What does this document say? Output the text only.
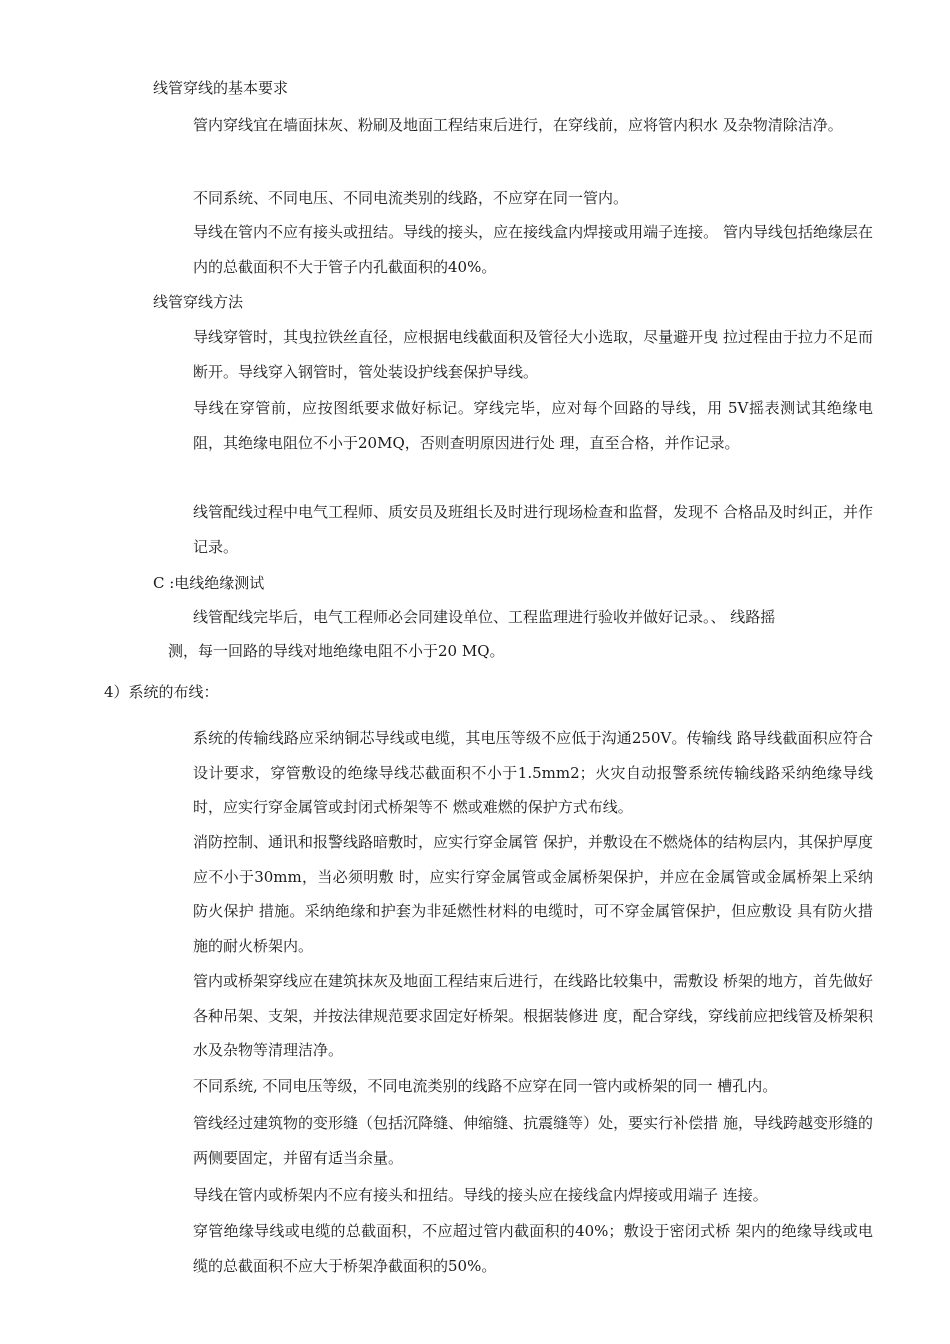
线管穿线的基本要求
管内穿线宜在墙面抹灰、粉刷及地面工程结束后进行，在穿线前，应将管内积水 及杂物清除洁净。
不同系统、不同电压、不同电流类别的线路，不应穿在同一管内。
导线在管内不应有接头或扭结。导线的接头，应在接线盒内焊接或用端子连接。 管内导线包括绝缘层在内的总截面积不大于管子内孔截面积的40%。
线管穿线方法
导线穿管时，其曳拉铁丝直径，应根据电线截面积及管径大小选取，尽量避开曳 拉过程由于拉力不足而断开。导线穿入钢管时，管处装设护线套保护导线。
导线在穿管前，应按图纸要求做好标记。穿线完毕，应对每个回路的导线，用 5V摇表测试其绝缘电阻，其绝缘电阻位不小于20MQ，否则查明原因进行处 理，直至合格，并作记录。
线管配线过程中电气工程师、质安员及班组长及时进行现场检查和监督，发现不 合格品及时纠正，并作记录。
C :电线绝缘测试
线管配线完毕后，电气工程师必会同建设单位、工程监理进行验收并做好记录。、 线路摇
测，每一回路的导线对地绝缘电阻不小于20 MQ。
4）系统的布线：
系统的传输线路应采纳铜芯导线或电缆，其电压等级不应低于沟通250V。传输线 路导线截面积应符合设计要求，穿管敷设的绝缘导线芯截面积不小于1.5mm2；火灾自动报警系统传输线路采纳绝缘导线时，应实行穿金属管或封闭式桥架等不 燃或难燃的保护方式布线。
消防控制、通讯和报警线路暗敷时，应实行穿金属管 保护，并敷设在不燃烧体的结构层内，其保护厚度应不小于30mm，当必须明敷 时，应实行穿金属管或金属桥架保护，并应在金属管或金属桥架上采纳防火保护 措施。采纳绝缘和护套为非延燃性材料的电缆时，可不穿金属管保护，但应敷设 具有防火措施的耐火桥架内。
管内或桥架穿线应在建筑抹灰及地面工程结束后进行，在线路比较集中，需敷设 桥架的地方，首先做好各种吊架、支架，并按法律规范要求固定好桥架。根据装修进 度，配合穿线，穿线前应把线管及桥架积水及杂物等清理洁净。
不同系统, 不同电压等级，不同电流类别的线路不应穿在同一管内或桥架的同一 槽孔内。
管线经过建筑物的变形缝（包括沉降缝、伸缩缝、抗震缝等）处，要实行补偿措 施，导线跨越变形缝的两侧要固定，并留有适当余量。
导线在管内或桥架内不应有接头和扭结。导线的接头应在接线盒内焊接或用端子 连接。
穿管绝缘导线或电缆的总截面积，不应超过管内截面积的40%；敷设于密闭式桥 架内的绝缘导线或电缆的总截面积不应大于桥架净截面积的50%。
